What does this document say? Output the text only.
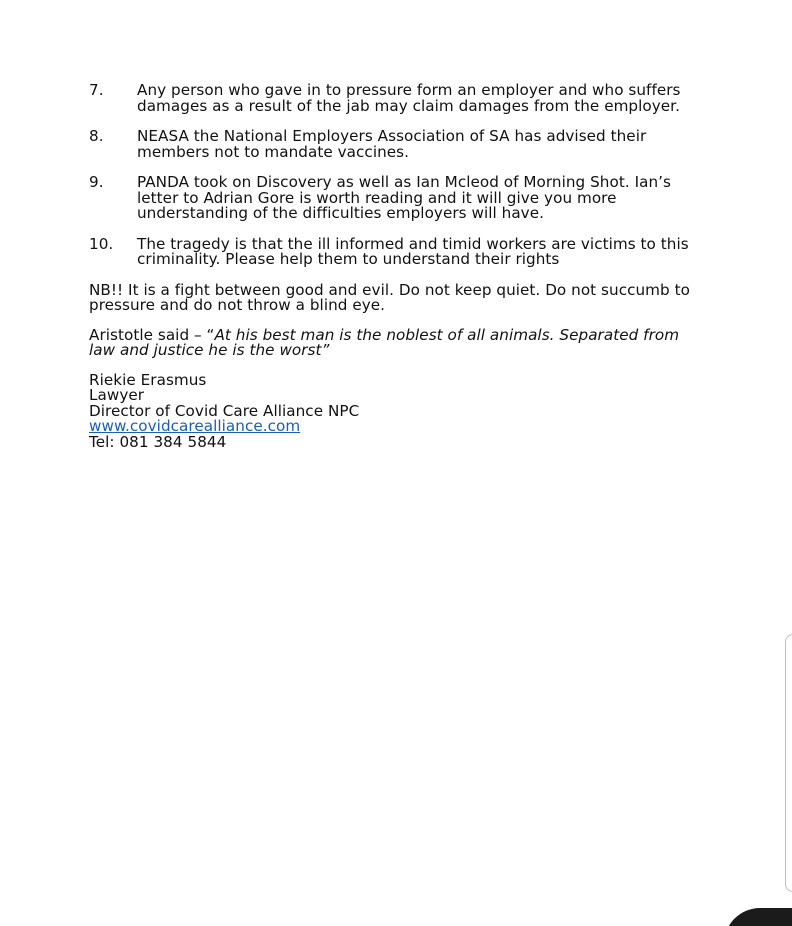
7.	Any person who gave in to pressure form an employer and who suffers damages as a result of the jab may claim damages from the employer.
8.	NEASA the National Employers Association of SA has advised their members not to mandate vaccines.
9.	PANDA took on Discovery as well as Ian Mcleod of Morning Shot. Ian’s letter to Adrian Gore is worth reading and it will give you more understanding of the difficulties employers will have.
10.	The tragedy is that the ill informed and timid workers are victims to this criminality. Please help them to understand their rights

NB!! It is a fight between good and evil. Do not keep quiet. Do not succumb to pressure and do not throw a blind eye.

Aristotle said – “At his best man is the noblest of all animals. Separated from law and justice he is the worst”

Riekie Erasmus
Lawyer
Director of Covid Care Alliance NPC
www.covidcarealliance.com
Tel: 081 384 5844
